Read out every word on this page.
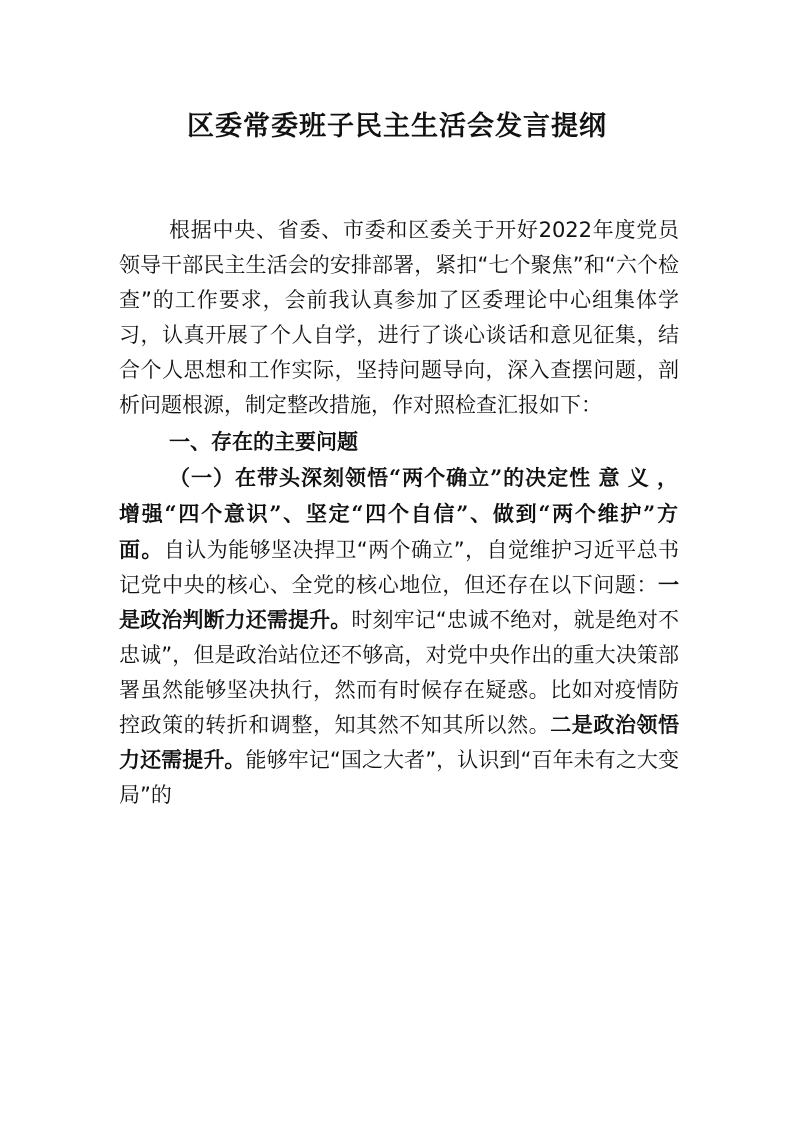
区委常委班子民主生活会发言提纲

根据中央、省委、市委和区委关于开好2022年度党员领导干部民主生活会的安排部署，紧扣“七个聚焦”和“六个检查”的工作要求，会前我认真参加了区委理论中心组集体学习，认真开展了个人自学，进行了谈心谈话和意见征集，结合个人思想和工作实际，坚持问题导向，深入查摆问题，剖析问题根源，制定整改措施，作对照检查汇报如下：

一、存在的主要问题

（一）在带头深刻领悟“两个确立”的决定性意义，增强“四个意识”、坚定“四个自信”、做到“两个维护”方面。自认为能够坚决捍卫“两个确立”，自觉维护习近平总书记党中央的核心、全党的核心地位，但还存在以下问题：一是政治判断力还需提升。时刻牢记“忠诚不绝对，就是绝对不忠诚”，但是政治站位还不够高，对党中央作出的重大决策部署虽然能够坚决执行，然而有时候存在疑惑。比如对疫情防控政策的转折和调整，知其然不知其所以然。二是政治领悟力还需提升。能够牢记“国之大者”，认识到“百年未有之大变局”的
